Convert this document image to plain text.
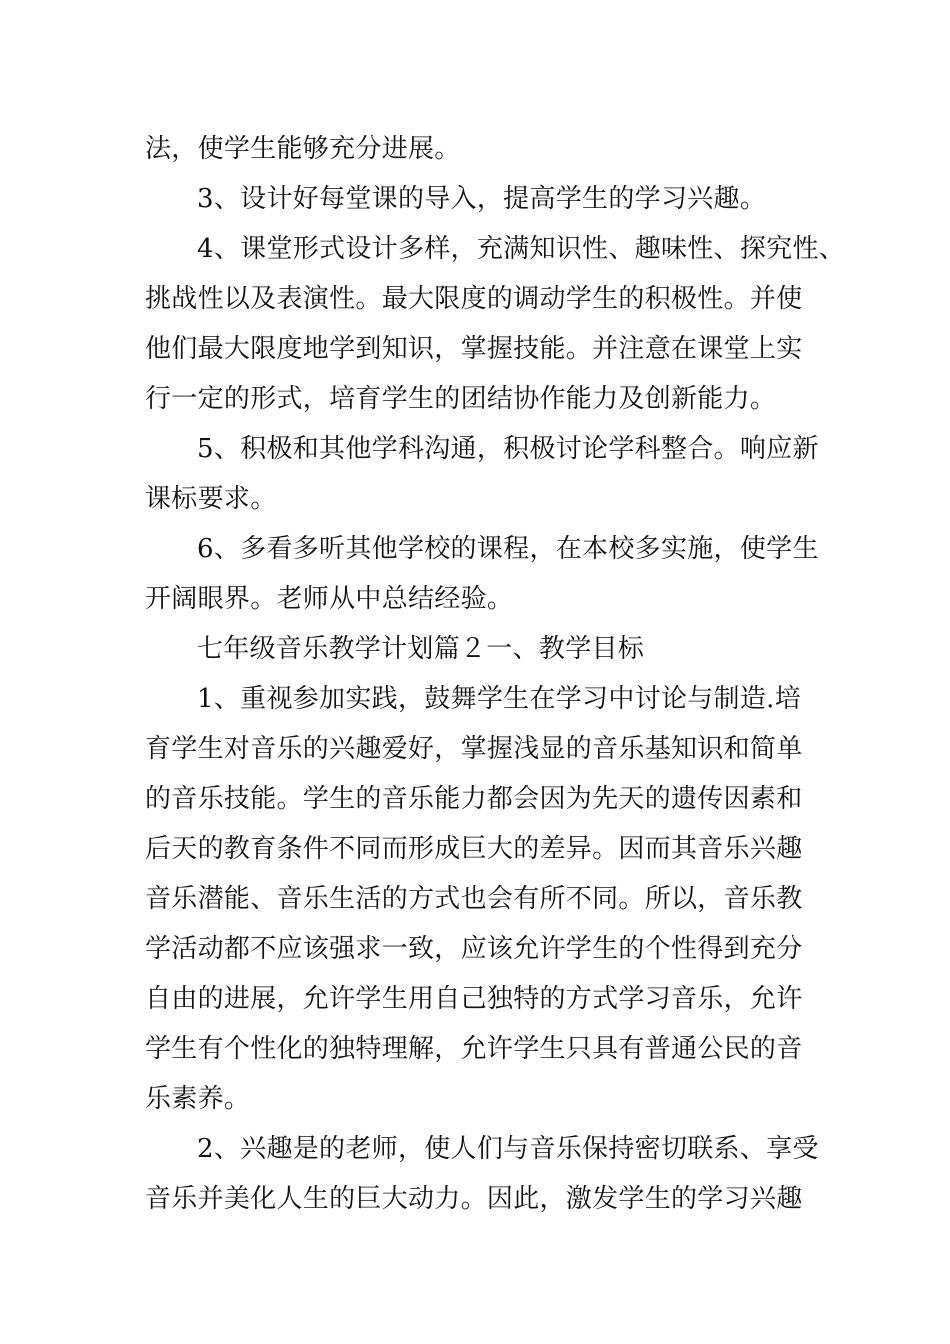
法，使学生能够充分进展。
3、设计好每堂课的导入，提高学生的学习兴趣。
4、课堂形式设计多样，充满知识性、趣味性、探究性、
挑战性以及表演性。最大限度的调动学生的积极性。并使
他们最大限度地学到知识，掌握技能。并注意在课堂上实
行一定的形式，培育学生的团结协作能力及创新能力。
5、积极和其他学科沟通，积极讨论学科整合。响应新
课标要求。
6、多看多听其他学校的课程，在本校多实施，使学生
开阔眼界。老师从中总结经验。
七年级音乐教学计划篇２一、教学目标
1、重视参加实践，鼓舞学生在学习中讨论与制造.培
育学生对音乐的兴趣爱好，掌握浅显的音乐基知识和简单
的音乐技能。学生的音乐能力都会因为先天的遗传因素和
后天的教育条件不同而形成巨大的差异。因而其音乐兴趣
音乐潜能、音乐生活的方式也会有所不同。所以，音乐教
学活动都不应该强求一致，应该允许学生的个性得到充分
自由的进展，允许学生用自己独特的方式学习音乐，允许
学生有个性化的独特理解，允许学生只具有普通公民的音
乐素养。
2、兴趣是的老师，使人们与音乐保持密切联系、享受
音乐并美化人生的巨大动力。因此，激发学生的学习兴趣
